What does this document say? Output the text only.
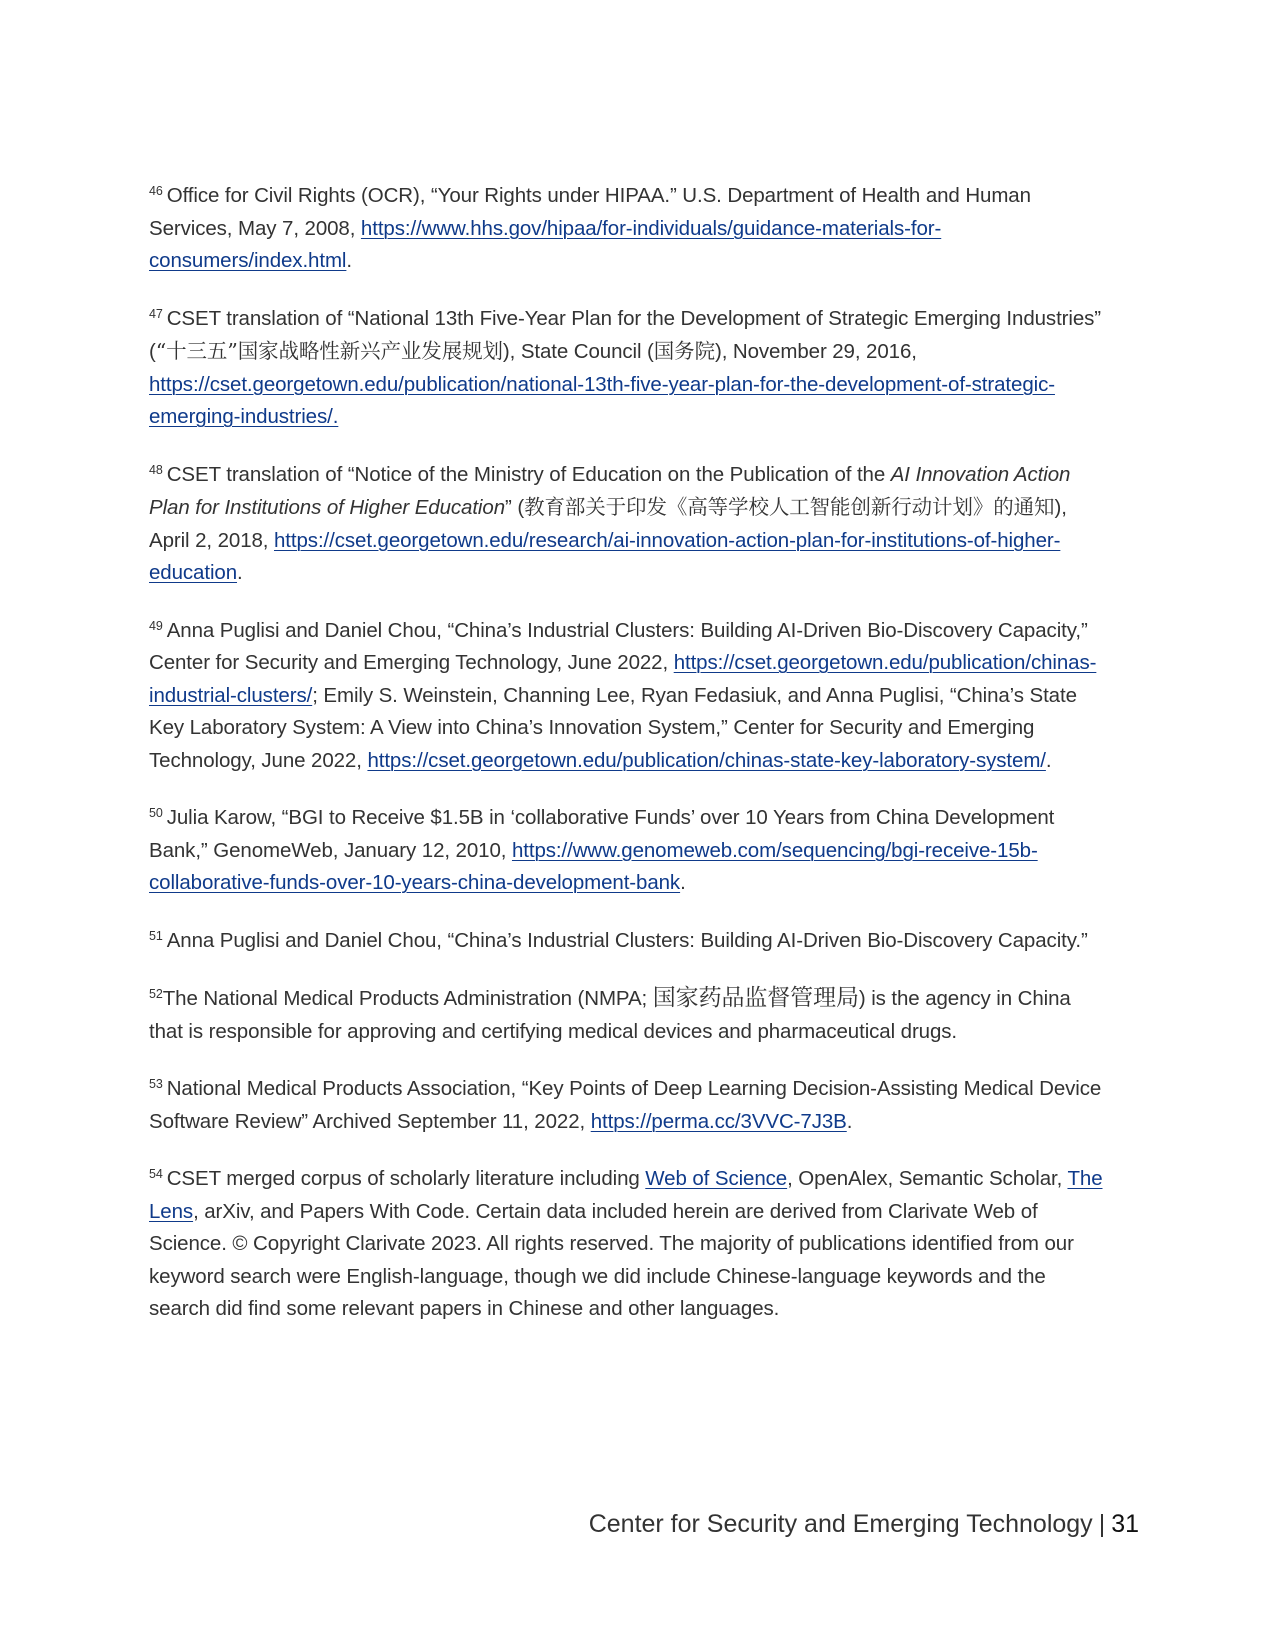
$^{46}$ Office for Civil Rights (OCR), “Your Rights under HIPAA.” U.S. Department of Health and Human Services, May 7, 2008, https://www.hhs.gov/hipaa/for-individuals/guidance-materials-for-consumers/index.html.

$^{47}$ CSET translation of “National 13th Five-Year Plan for the Development of Strategic Emerging Industries” (“十三五”国家战略性新兴产业发展规划), State Council (国务院), November 29, 2016, https://cset.georgetown.edu/publication/national-13th-five-year-plan-for-the-development-of-strategic-emerging-industries/.

$^{48}$ CSET translation of “Notice of the Ministry of Education on the Publication of the AI Innovation Action Plan for Institutions of Higher Education” (教育部关于印发《高等学校人工智能创新行动计划》的通知), April 2, 2018, https://cset.georgetown.edu/research/ai-innovation-action-plan-for-institutions-of-higher-education.

$^{49}$ Anna Puglisi and Daniel Chou, “China’s Industrial Clusters: Building AI-Driven Bio-Discovery Capacity,” Center for Security and Emerging Technology, June 2022, https://cset.georgetown.edu/publication/chinas-industrial-clusters/; Emily S. Weinstein, Channing Lee, Ryan Fedasiuk, and Anna Puglisi, “China’s State Key Laboratory System: A View into China’s Innovation System,” Center for Security and Emerging Technology, June 2022, https://cset.georgetown.edu/publication/chinas-state-key-laboratory-system/.

$^{50}$ Julia Karow, “BGI to Receive $1.5B in ‘collaborative Funds’ over 10 Years from China Development Bank,” GenomeWeb, January 12, 2010, https://www.genomeweb.com/sequencing/bgi-receive-15b-collaborative-funds-over-10-years-china-development-bank.

$^{51}$ Anna Puglisi and Daniel Chou, “China’s Industrial Clusters: Building AI-Driven Bio-Discovery Capacity.”

$^{52}$The National Medical Products Administration (NMPA; 国家药品监督管理局) is the agency in China that is responsible for approving and certifying medical devices and pharmaceutical drugs.

$^{53}$ National Medical Products Association, “Key Points of Deep Learning Decision-Assisting Medical Device Software Review” Archived September 11, 2022, https://perma.cc/3VVC-7J3B.

$^{54}$ CSET merged corpus of scholarly literature including Web of Science, OpenAlex, Semantic Scholar, The Lens, arXiv, and Papers With Code. Certain data included herein are derived from Clarivate Web of Science. © Copyright Clarivate 2023. All rights reserved. The majority of publications identified from our keyword search were English-language, though we did include Chinese-language keywords and the search did find some relevant papers in Chinese and other languages.

Center for Security and Emerging Technology | 31
